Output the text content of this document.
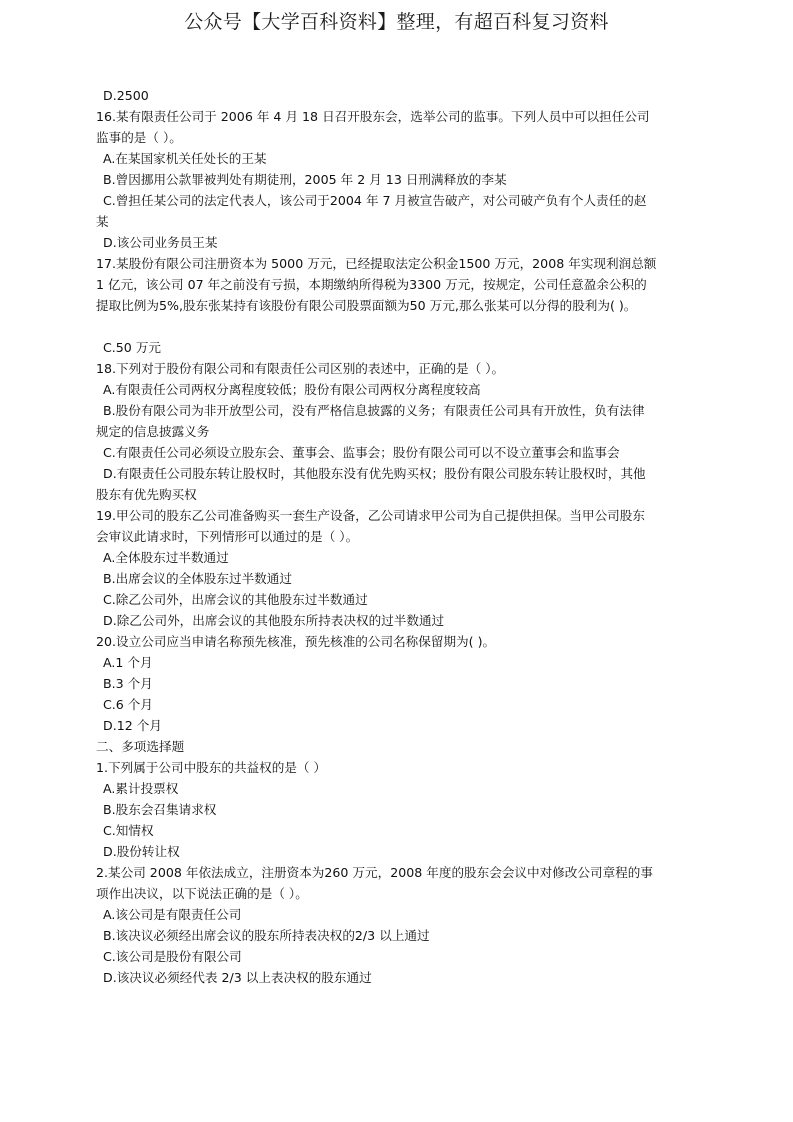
公众号【大学百科资料】整理，有超百科复习资料
D.2500
16.某有限责任公司于 2006 年 4 月 18 日召开股东会，选举公司的监事。下列人员中可以担任公司
监事的是（ ）。
A.在某国家机关任处长的王某
B.曾因挪用公款罪被判处有期徒刑，2005 年 2 月 13 日刑满释放的李某
C.曾担任某公司的法定代表人，该公司于2004 年 7 月被宣告破产，对公司破产负有个人责任的赵
某
D.该公司业务员王某
17.某股份有限公司注册资本为 5000 万元，已经提取法定公积金1500 万元，2008 年实现利润总额
1 亿元，该公司 07 年之前没有亏损，本期缴纳所得税为3300 万元，按规定，公司任意盈余公积的
提取比例为5%,股东张某持有该股份有限公司股票面额为50 万元,那么张某可以分得的股利为( )。
C.50 万元
18.下列对于股份有限公司和有限责任公司区别的表述中，正确的是（ ）。
A.有限责任公司两权分离程度较低；股份有限公司两权分离程度较高
B.股份有限公司为非开放型公司，没有严格信息披露的义务；有限责任公司具有开放性，负有法律
规定的信息披露义务
C.有限责任公司必须设立股东会、董事会、监事会；股份有限公司可以不设立董事会和监事会
D.有限责任公司股东转让股权时，其他股东没有优先购买权；股份有限公司股东转让股权时，其他
股东有优先购买权
19.甲公司的股东乙公司准备购买一套生产设备，乙公司请求甲公司为自己提供担保。当甲公司股东
会审议此请求时，下列情形可以通过的是（ ）。
A.全体股东过半数通过
B.出席会议的全体股东过半数通过
C.除乙公司外，出席会议的其他股东过半数通过
D.除乙公司外，出席会议的其他股东所持表决权的过半数通过
20.设立公司应当申请名称预先核准，预先核准的公司名称保留期为( )。
A.1 个月
B.3 个月
C.6 个月
D.12 个月
二、多项选择题
1.下列属于公司中股东的共益权的是（ ）
A.累计投票权
B.股东会召集请求权
C.知情权
D.股份转让权
2.某公司 2008 年依法成立，注册资本为260 万元，2008 年度的股东会会议中对修改公司章程的事
项作出决议，以下说法正确的是（ ）。
A.该公司是有限责任公司
B.该决议必须经出席会议的股东所持表决权的2/3 以上通过
C.该公司是股份有限公司
D.该决议必须经代表 2/3 以上表决权的股东通过
